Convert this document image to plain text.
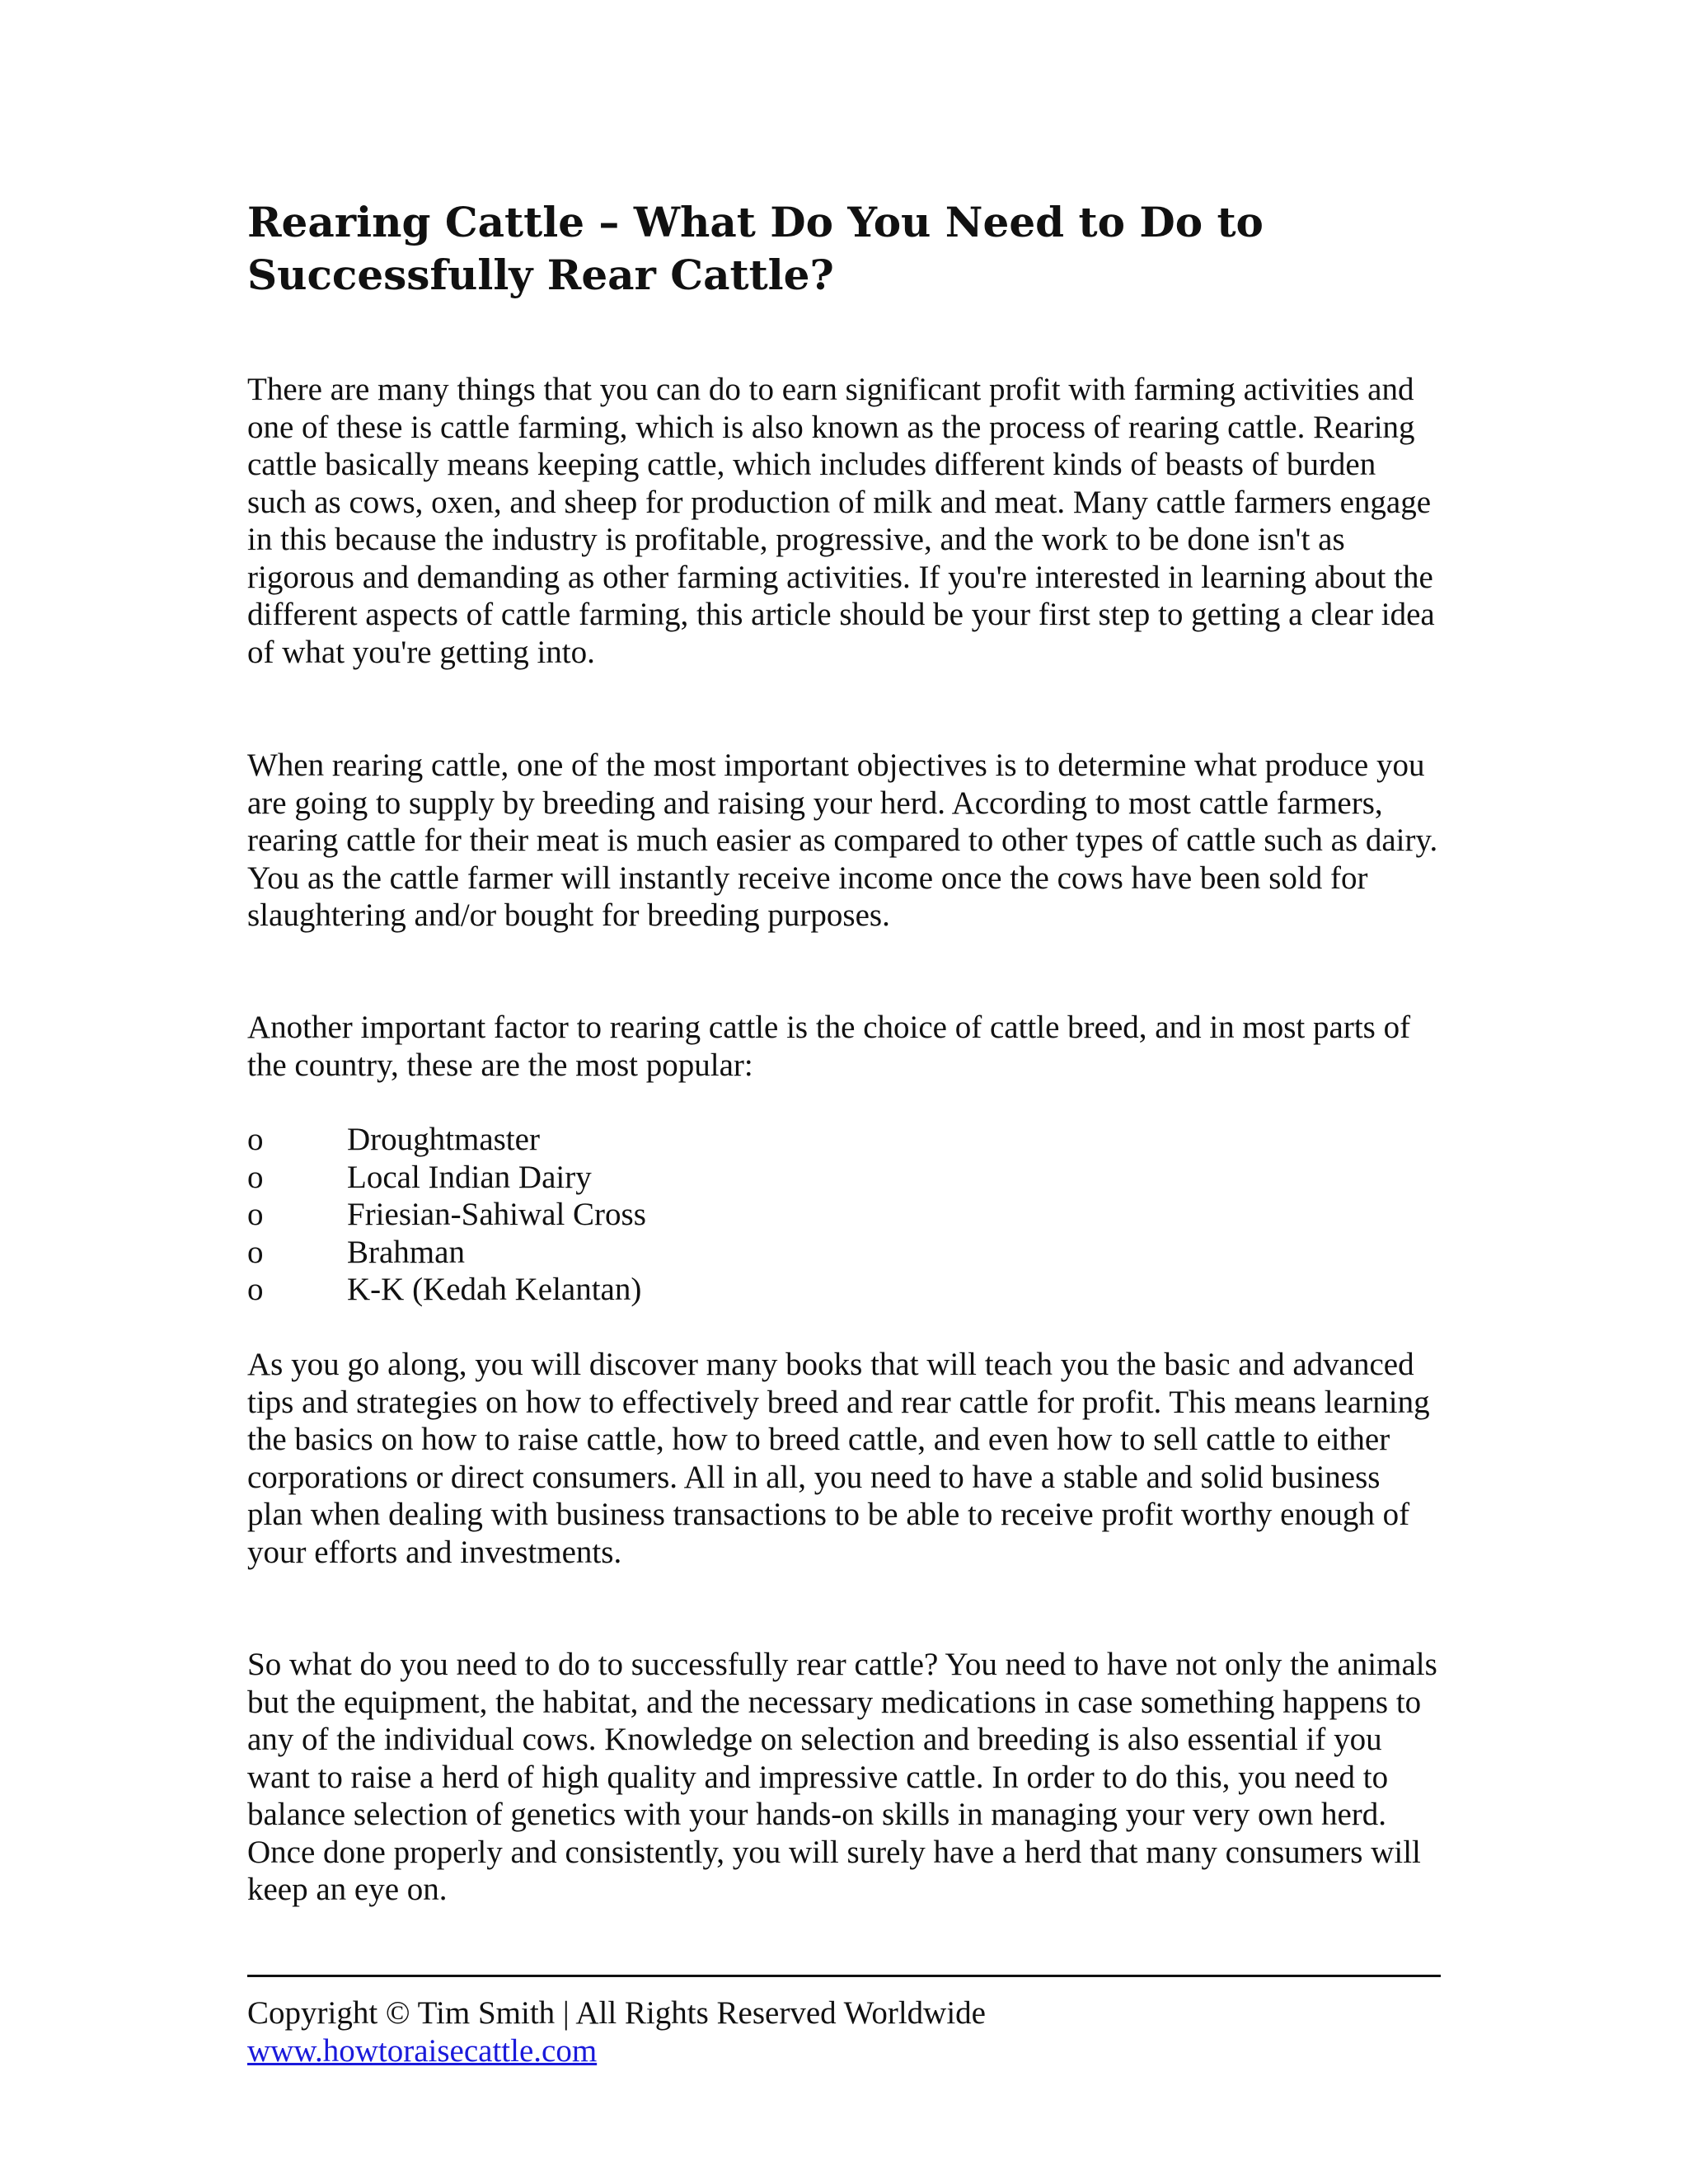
Rearing Cattle – What Do You Need to Do to Successfully Rear Cattle?

There are many things that you can do to earn significant profit with farming activities and one of these is cattle farming, which is also known as the process of rearing cattle. Rearing cattle basically means keeping cattle, which includes different kinds of beasts of burden such as cows, oxen, and sheep for production of milk and meat. Many cattle farmers engage in this because the industry is profitable, progressive, and the work to be done isn't as rigorous and demanding as other farming activities. If you're interested in learning about the different aspects of cattle farming, this article should be your first step to getting a clear idea of what you're getting into.

When rearing cattle, one of the most important objectives is to determine what produce you are going to supply by breeding and raising your herd. According to most cattle farmers, rearing cattle for their meat is much easier as compared to other types of cattle such as dairy. You as the cattle farmer will instantly receive income once the cows have been sold for slaughtering and/or bought for breeding purposes.

Another important factor to rearing cattle is the choice of cattle breed, and in most parts of the country, these are the most popular:

o	Droughtmaster
o	Local Indian Dairy
o	Friesian-Sahiwal Cross
o	Brahman
o	K-K (Kedah Kelantan)

As you go along, you will discover many books that will teach you the basic and advanced tips and strategies on how to effectively breed and rear cattle for profit. This means learning the basics on how to raise cattle, how to breed cattle, and even how to sell cattle to either corporations or direct consumers. All in all, you need to have a stable and solid business plan when dealing with business transactions to be able to receive profit worthy enough of your efforts and investments.

So what do you need to do to successfully rear cattle? You need to have not only the animals but the equipment, the habitat, and the necessary medications in case something happens to any of the individual cows. Knowledge on selection and breeding is also essential if you want to raise a herd of high quality and impressive cattle. In order to do this, you need to balance selection of genetics with your hands-on skills in managing your very own herd. Once done properly and consistently, you will surely have a herd that many consumers will keep an eye on.

Copyright © Tim Smith | All Rights Reserved Worldwide
www.howtoraisecattle.com
